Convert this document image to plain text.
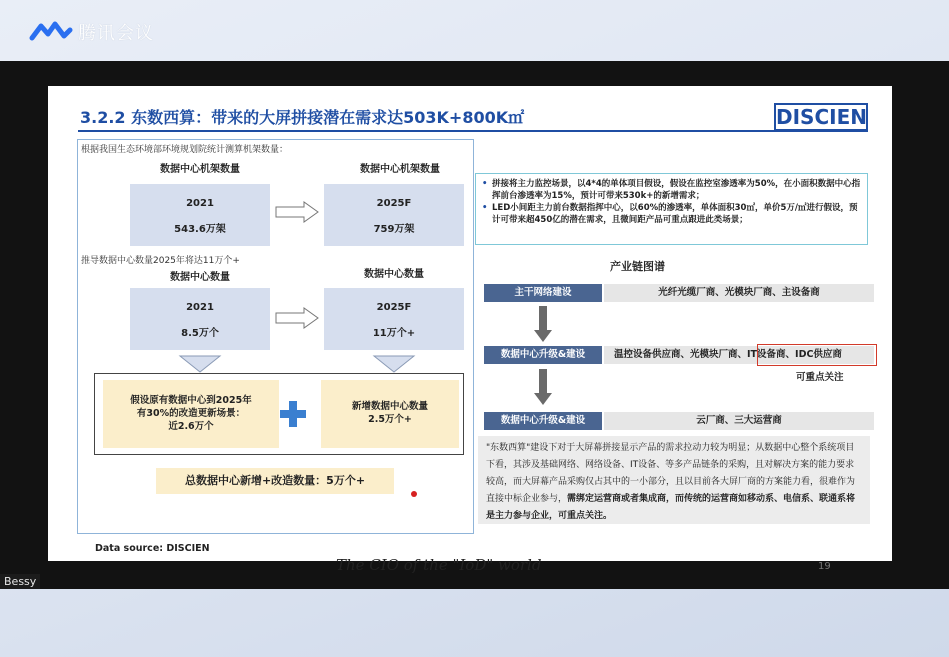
腾讯会议
3.2.2 东数西算：带来的大屏拼接潜在需求达503K+800K㎡	DISCIEN
根据我国生态环境部环境规划院统计测算机架数量：
数据中心机架数量	数据中心机架数量
2021
543.6万架
2025F
759万架
推导数据中心数量2025年将达11万个+
数据中心数量	数据中心数量
2021
8.5万个
2025F
11万个+
假设原有数据中心到2025年
有30%的改造更新场景：
近2.6万个
新增数据中心数量
2.5万个+
总数据中心新增+改造数量：5万个+
• 拼接将主力监控场景，以4*4的单体项目假设，假设在监控室渗透率为50%，在小面积数据中心指挥前台渗透率为15%，预计可带来530k+的新增需求；
• LED小间距主力前台数据指挥中心，以60%的渗透率，单体面积30㎡，单价5万/㎡进行假设，预计可带来超450亿的潜在需求，且微间距产品可重点跟进此类场景；
产业链图谱
主干网络建设	光纤光缆厂商、光模块厂商、主设备商
数据中心升级&建设	温控设备供应商、光模块厂商、IT设备商、IDC供应商
可重点关注
数据中心升级&建设	云厂商、三大运营商
"东数西算"建设下对于大屏幕拼接显示产品的需求拉动力较为明显；从数据中心整个系统项目下看，其涉及基础网络、网络设备、IT设备、等多产品链条的采购，且对解决方案的能力要求较高，而大屏幕产品采购仅占其中的一小部分，且以目前各大屏厂商的方案能力看，很难作为直接中标企业参与，需绑定运营商或者集成商，而传统的运营商如移动系、电信系、联通系将是主力参与企业，可重点关注。
Data source: DISCIEN
The CIO of the "IoD" world	19
Bessy
